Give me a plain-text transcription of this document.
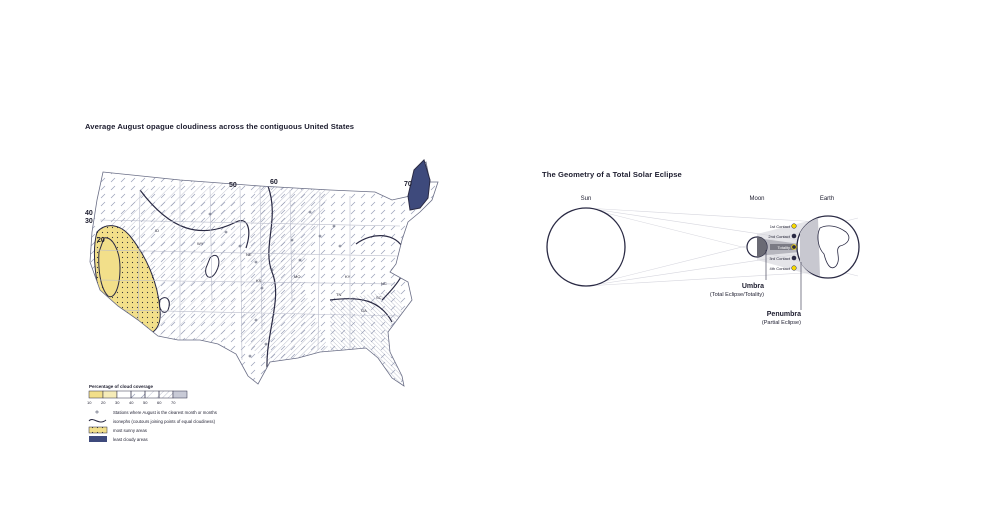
Average August opague cloudiness across the contiguous United States
The Geometry of a Total Solar Eclipse
70
60
50
40
30
20
ID
WY
NE
KS
MO
TN
KY
NC
SC
GA
Percentage of cloud coverage
10 20 30 40 50 60 70
Stations where August is the clearest month or months
isonephs (coutours joining points of equal cloudiness)
most sunny areas
least cloudy areas
Sun	Moon	Earth
1st Contact
2nd Contact
Totality
3rd Contact
4th Contact
Umbra
(Total Eclipse/Totality)
Penumbra
(Partial Eclipse)
